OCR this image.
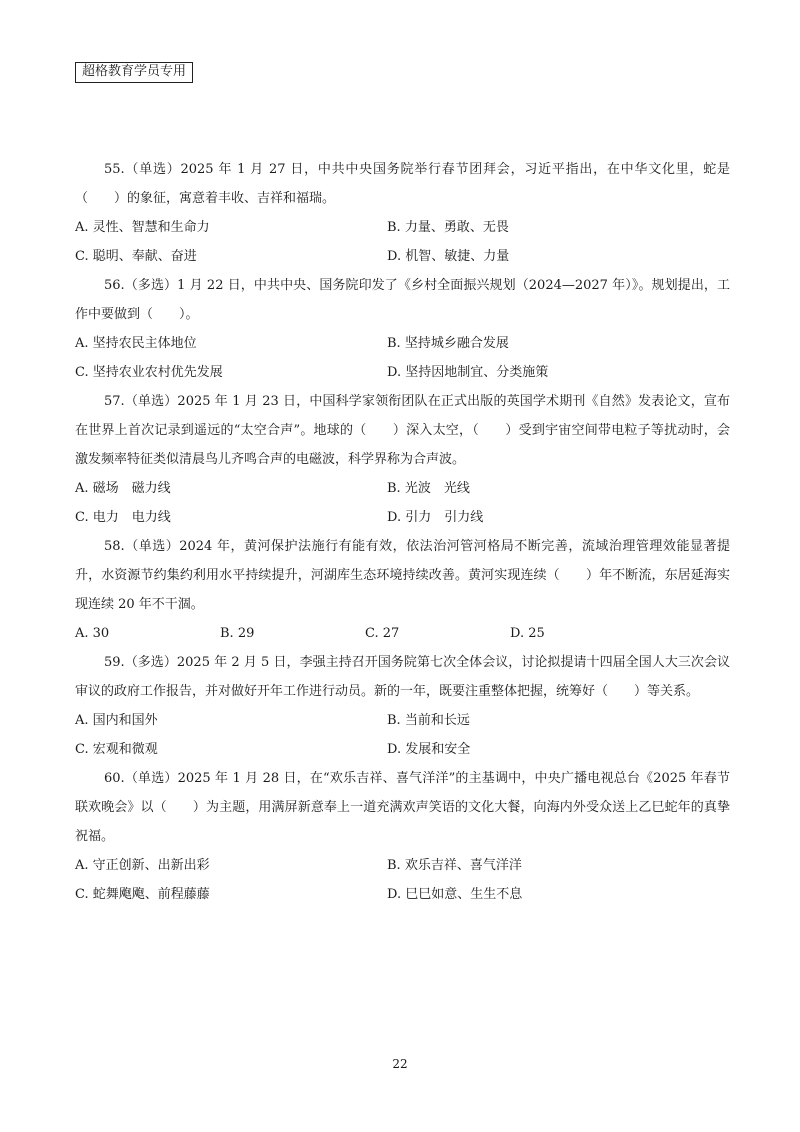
超格教育学员专用

55.（单选）2025 年 1 月 27 日，中共中央国务院举行春节团拜会，习近平指出，在中华文化里，蛇是（　　）的象征，寓意着丰收、吉祥和福瑞。

A. 灵性、智慧和生命力	B. 力量、勇敢、无畏
C. 聪明、奉献、奋进	D. 机智、敏捷、力量

56.（多选）1 月 22 日，中共中央、国务院印发了《乡村全面振兴规划（2024—2027 年）》。规划提出，工作中要做到（　　）。

A. 坚持农民主体地位	B. 坚持城乡融合发展
C. 坚持农业农村优先发展	D. 坚持因地制宜、分类施策

57.（单选）2025 年 1 月 23 日，中国科学家领衔团队在正式出版的英国学术期刊《自然》发表论文，宣布在世界上首次记录到遥远的“太空合声”。地球的（　　）深入太空，（　　）受到宇宙空间带电粒子等扰动时，会激发频率特征类似清晨鸟儿齐鸣合声的电磁波，科学界称为合声波。

A. 磁场　磁力线	B. 光波　光线
C. 电力　电力线	D. 引力　引力线

58.（单选）2024 年，黄河保护法施行有能有效，依法治河管河格局不断完善，流域治理管理效能显著提升，水资源节约集约利用水平持续提升，河湖库生态环境持续改善。黄河实现连续（　　）年不断流，东居延海实现连续 20 年不干涸。

A. 30	B. 29	C. 27	D. 25

59.（多选）2025 年 2 月 5 日，李强主持召开国务院第七次全体会议，讨论拟提请十四届全国人大三次会议审议的政府工作报告，并对做好开年工作进行动员。新的一年，既要注重整体把握，统筹好（　　）等关系。

A. 国内和国外	B. 当前和长远
C. 宏观和微观	D. 发展和安全

60.（单选）2025 年 1 月 28 日，在“欢乐吉祥、喜气洋洋”的主基调中，中央广播电视总台《2025 年春节联欢晚会》以（　　）为主题，用满屏新意奉上一道充满欢声笑语的文化大餐，向海内外受众送上乙巳蛇年的真挚祝福。

A. 守正创新、出新出彩	B. 欢乐吉祥、喜气洋洋
C. 蛇舞飑飑、前程藤藤	D. 巳巳如意、生生不息
22
